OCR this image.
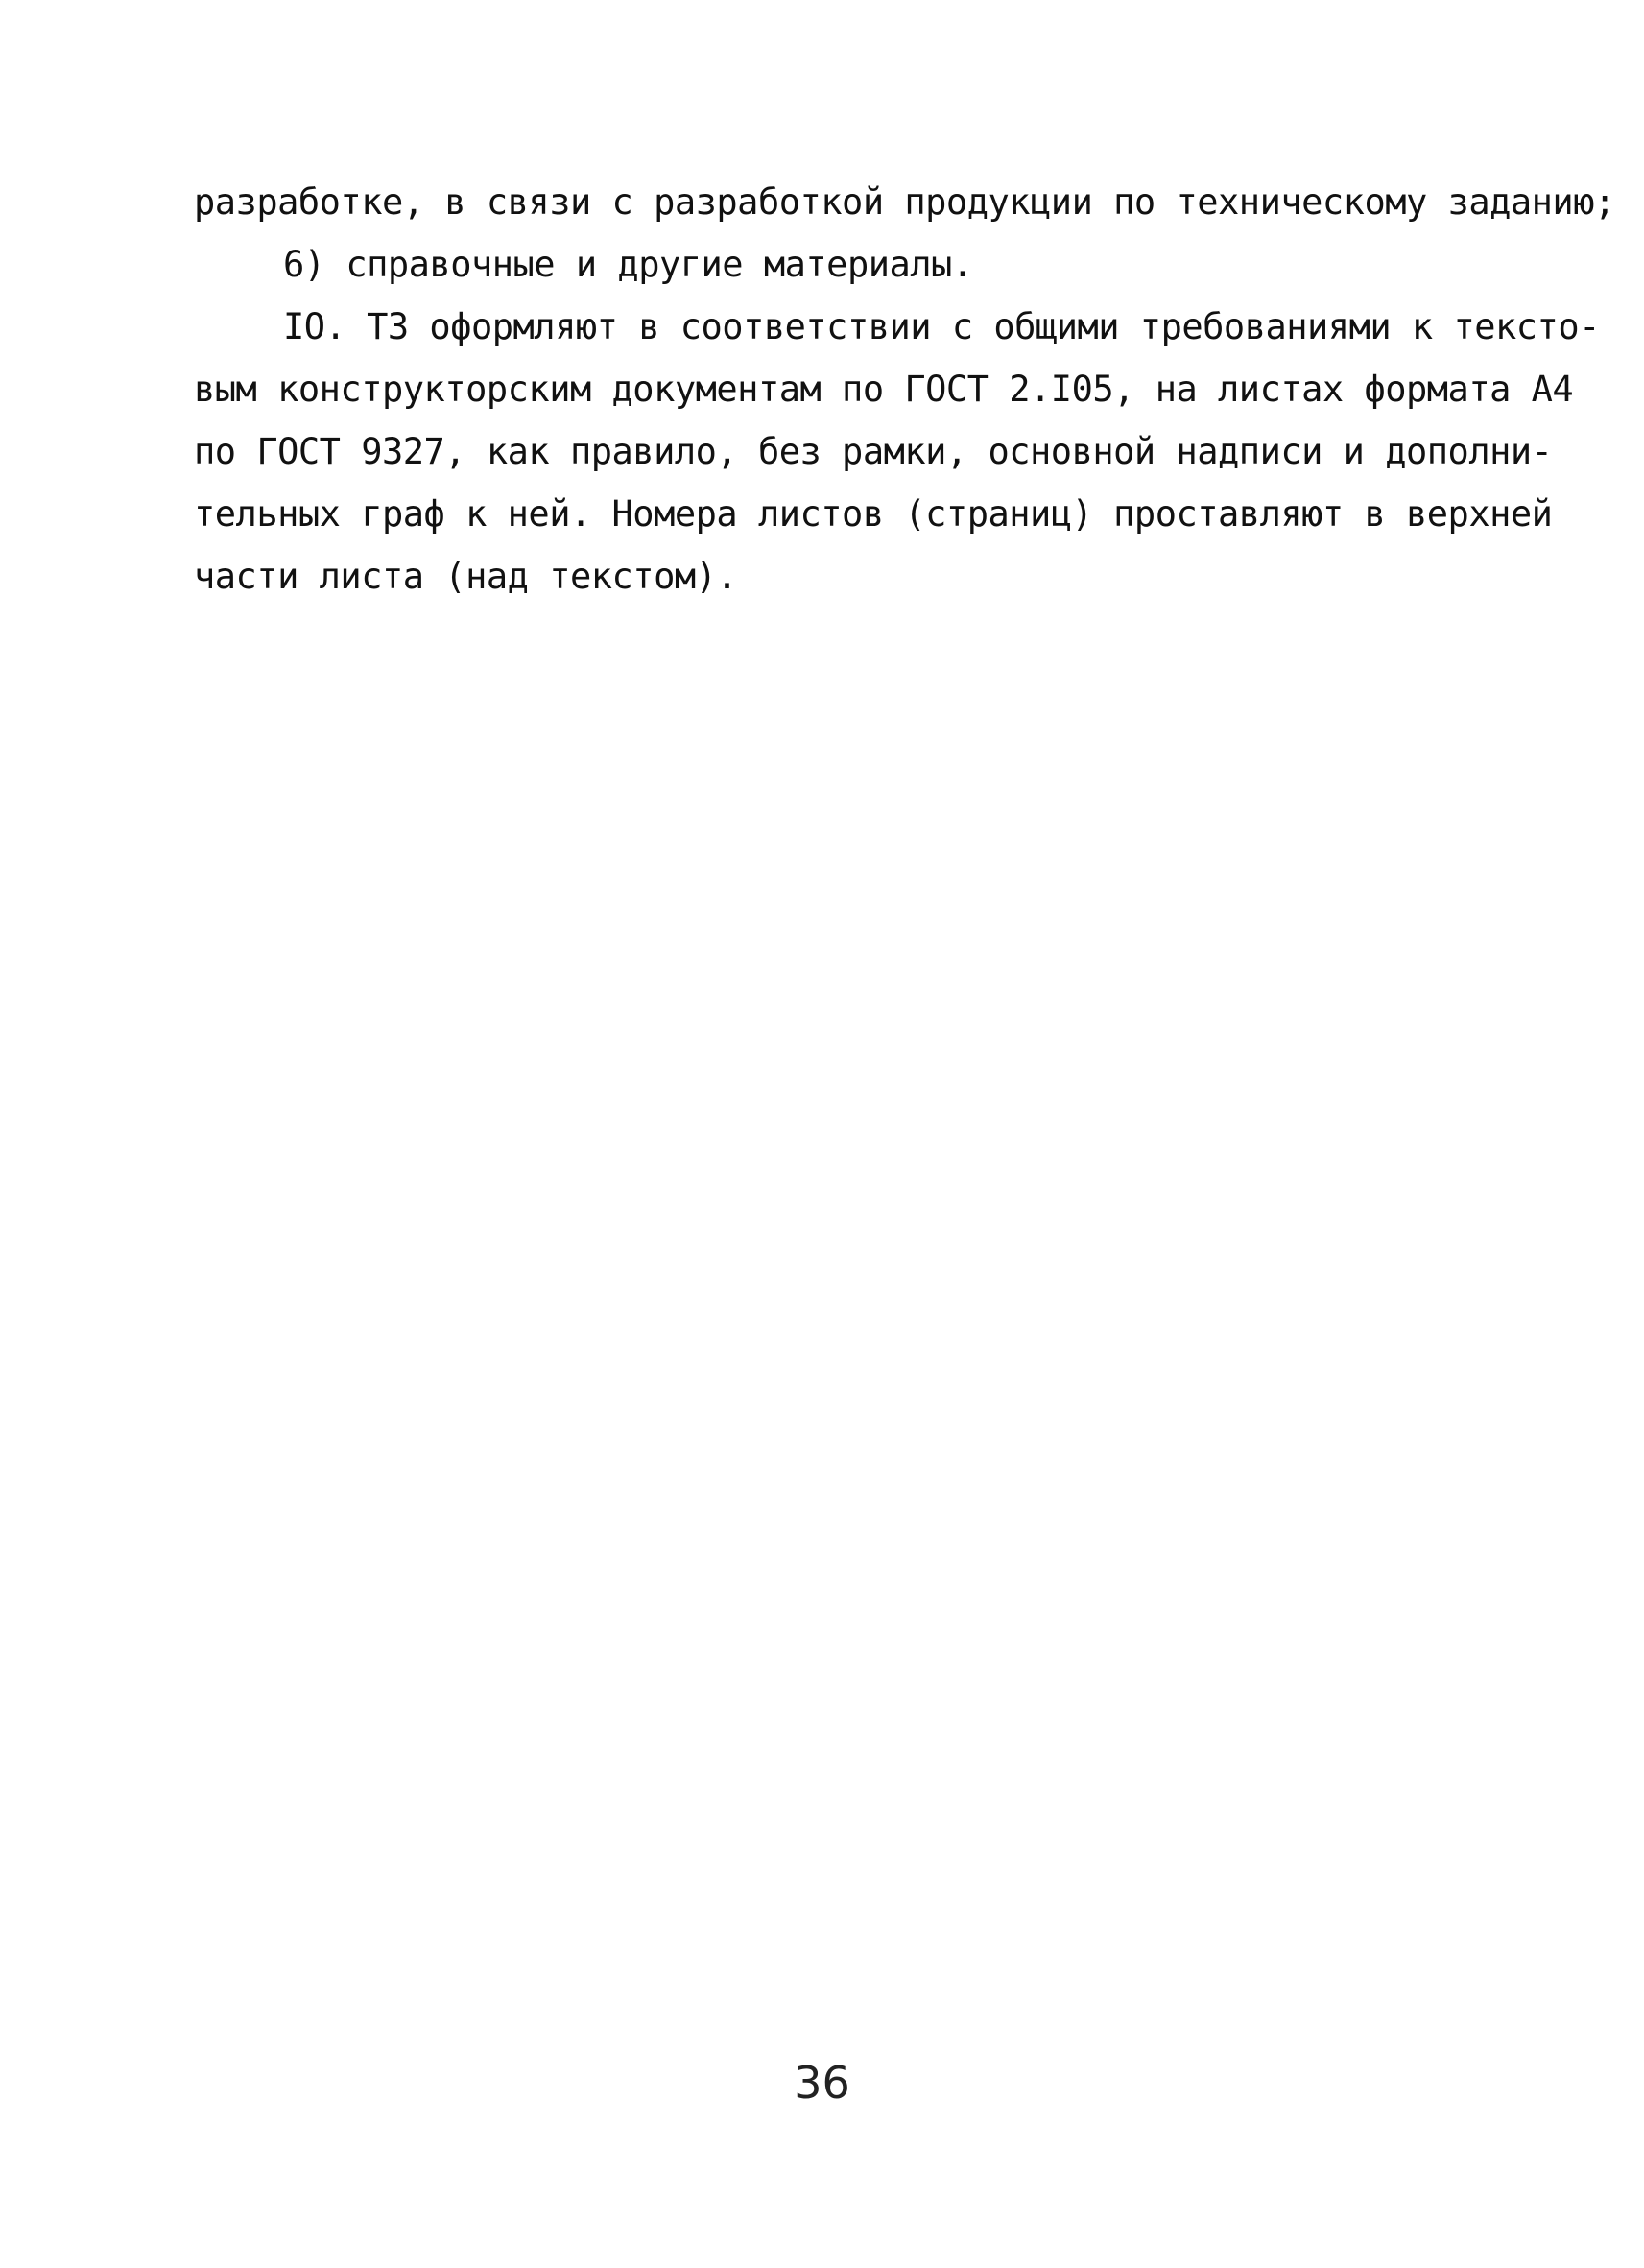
разработке, в связи с разработкой продукции по техническому заданию;
6) справочные и другие материалы.
IO. ТЗ оформляют в соответствии с общими требованиями к тексто-
вым конструкторским документам по ГОСТ 2.I05, на листах формата А4
по ГОСТ 9327, как правило, без рамки, основной надписи и дополни-
тельных граф к ней. Номера листов (страниц) проставляют в верхней
части листа (над текстом).
36
